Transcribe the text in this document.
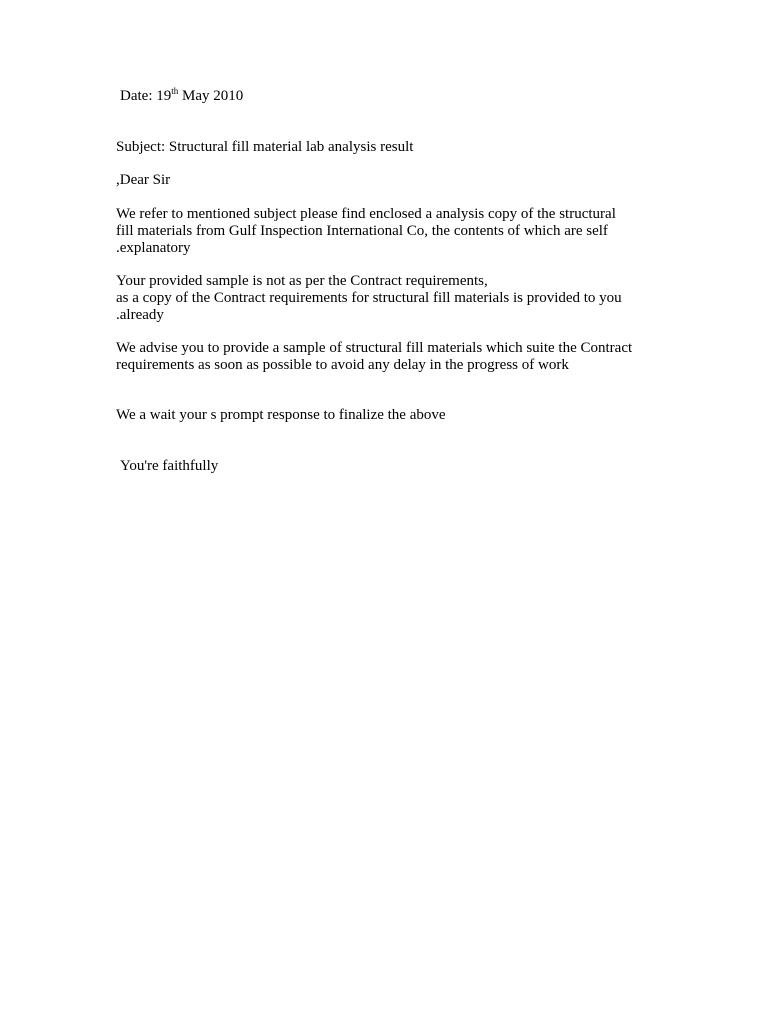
Date: 19th May 2010
Subject: Structural fill material lab analysis result
,Dear Sir
We refer to mentioned subject please find enclosed a analysis copy of the structural
fill materials from Gulf Inspection International Co, the contents of which are self
.explanatory
Your provided sample is not as per the Contract requirements,
as a copy of the Contract requirements for structural fill materials is provided to you
.already
We advise you to provide a sample of structural fill materials which suite the Contract
requirements as soon as possible to avoid any delay in the progress of work
We a wait your s prompt response to finalize the above
You're faithfully
